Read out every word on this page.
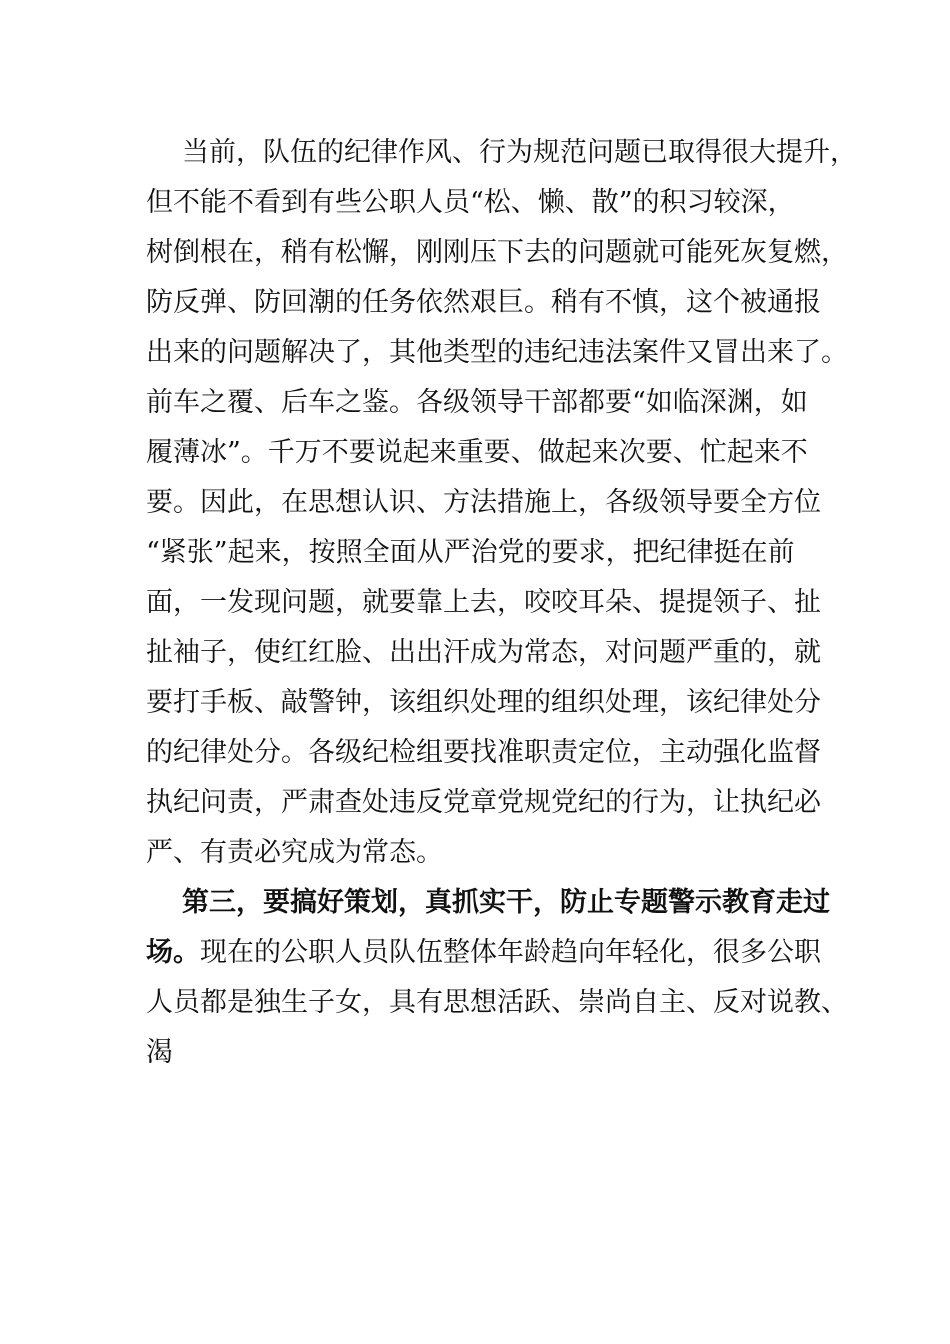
当前，队伍的纪律作风、行为规范问题已取得很大提升，
但不能不看到有些公职人员“松、懒、散”的积习较深，
树倒根在，稍有松懈，刚刚压下去的问题就可能死灰复燃，
防反弹、防回潮的任务依然艰巨。稍有不慎，这个被通报
出来的问题解决了，其他类型的违纪违法案件又冒出来了。
前车之覆、后车之鉴。各级领导干部都要“如临深渊，如
履薄冰”。千万不要说起来重要、做起来次要、忙起来不
要。因此，在思想认识、方法措施上，各级领导要全方位
“紧张”起来，按照全面从严治党的要求，把纪律挺在前
面，一发现问题，就要靠上去，咬咬耳朵、提提领子、扯
扯袖子，使红红脸、出出汗成为常态，对问题严重的，就
要打手板、敲警钟，该组织处理的组织处理，该纪律处分
的纪律处分。各级纪检组要找准职责定位，主动强化监督
执纪问责，严肃查处违反党章党规党纪的行为，让执纪必
严、有责必究成为常态。
第三，要搞好策划，真抓实干，防止专题警示教育走过
场。现在的公职人员队伍整体年龄趋向年轻化，很多公职
人员都是独生子女，具有思想活跃、崇尚自主、反对说教、
渴
